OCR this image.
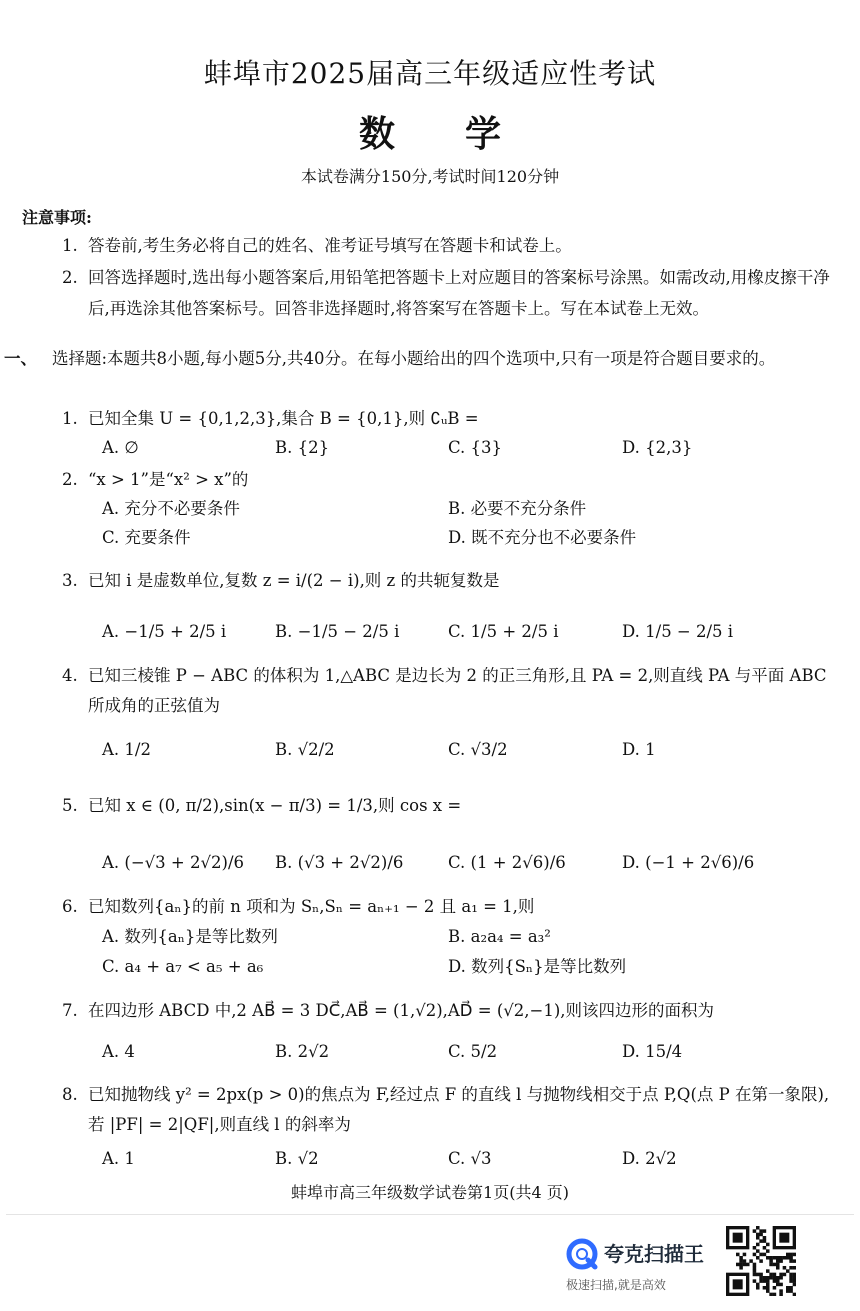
蚌埠市2025届高三年级适应性考试
数学
本试卷满分150分,考试时间120分钟
注意事项:
1. 答卷前,考生务必将自己的姓名、准考证号填写在答题卡和试卷上。
2. 回答选择题时,选出每小题答案后,用铅笔把答题卡上对应题目的答案标号涂黑。如需改动,用橡皮擦干净后,再选涂其他答案标号。回答非选择题时,将答案写在答题卡上。写在本试卷上无效。
一、 选择题:本题共8小题,每小题5分,共40分。在每小题给出的四个选项中,只有一项是符合题目要求的。
1. 已知全集 U = {0,1,2,3},集合 B = {0,1},则 ∁ᵤB =
A. ∅	B. {2}	C. {3}	D. {2,3}
2. “x > 1”是“x² > x”的
A. 充分不必要条件	B. 必要不充分条件
C. 充要条件	D. 既不充分也不必要条件
3. 已知 i 是虚数单位,复数 z = i/(2 − i),则 z 的共轭复数是
A. −1/5 + 2/5 i	B. −1/5 − 2/5 i	C. 1/5 + 2/5 i	D. 1/5 − 2/5 i
4. 已知三棱锥 P − ABC 的体积为 1,△ABC 是边长为 2 的正三角形,且 PA = 2,则直线 PA 与平面 ABC 所成角的正弦值为
A. 1/2	B. √2/2	C. √3/2	D. 1
5. 已知 x ∈ (0, π/2),sin(x − π/3) = 1/3,则 cos x =
A. (−√3 + 2√2)/6 B. (√3 + 2√2)/6	C. (1 + 2√6)/6	D. (−1 + 2√6)/6
6. 已知数列{aₙ}的前 n 项和为 Sₙ,Sₙ = aₙ₊₁ − 2 且 a₁ = 1,则
A. 数列{aₙ}是等比数列	B. a₂a₄ = a₃²
C. a₄ + a₇ < a₅ + a₆	D. 数列{Sₙ}是等比数列
7. 在四边形 ABCD 中,2 AB⃗ = 3 DC⃗,AB⃗ = (1,√2),AD⃗ = (√2,−1),则该四边形的面积为
A. 4	B. 2√2	C. 5/2	D. 15/4
8. 已知抛物线 y² = 2px(p > 0)的焦点为 F,经过点 F 的直线 l 与抛物线相交于点 P,Q(点 P 在第一象限),若 |PF| = 2|QF|,则直线 l 的斜率为
A. 1	B. √2	C. √3	D. 2√2
蚌埠市高三年级数学试卷第1页(共4 页)
夸克扫描王
极速扫描,就是高效
